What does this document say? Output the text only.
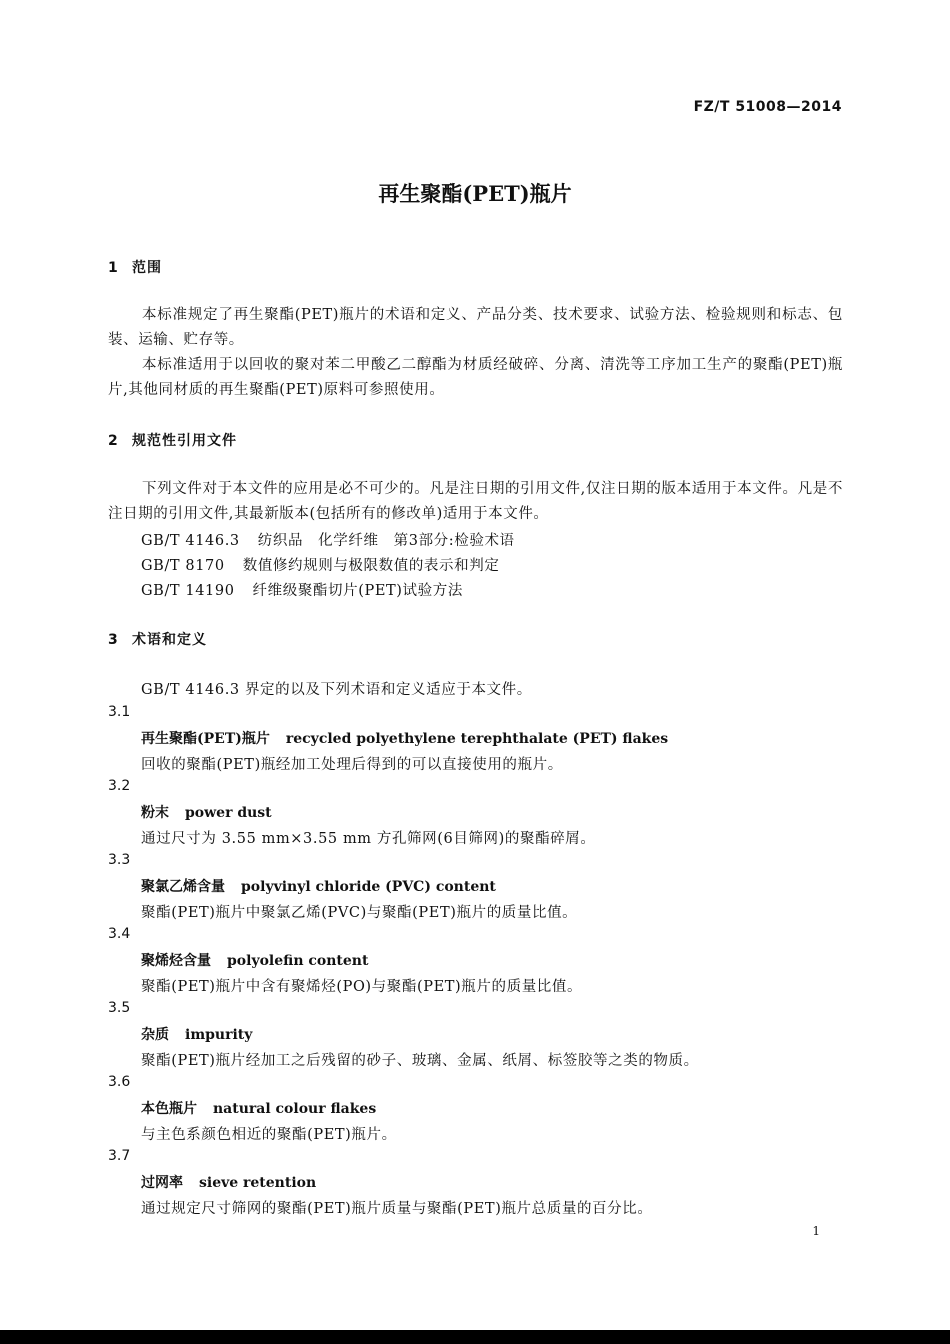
FZ/T 51008—2014
再生聚酯(PET)瓶片
1 范围
本标准规定了再生聚酯(PET)瓶片的术语和定义、产品分类、技术要求、试验方法、检验规则和标志、包装、运输、贮存等。
本标准适用于以回收的聚对苯二甲酸乙二醇酯为材质经破碎、分离、清洗等工序加工生产的聚酯(PET)瓶片,其他同材质的再生聚酯(PET)原料可参照使用。
2 规范性引用文件
下列文件对于本文件的应用是必不可少的。凡是注日期的引用文件,仅注日期的版本适用于本文件。凡是不注日期的引用文件,其最新版本(包括所有的修改单)适用于本文件。
GB/T 4146.3 纺织品　化学纤维　第3部分:检验术语
GB/T 8170 数值修约规则与极限数值的表示和判定
GB/T 14190 纤维级聚酯切片(PET)试验方法
3 术语和定义
GB/T 4146.3 界定的以及下列术语和定义适应于本文件。
3.1
再生聚酯(PET)瓶片 recycled polyethylene terephthalate (PET) flakes
回收的聚酯(PET)瓶经加工处理后得到的可以直接使用的瓶片。
3.2
粉末 power dust
通过尺寸为 3.55 mm×3.55 mm 方孔筛网(6目筛网)的聚酯碎屑。
3.3
聚氯乙烯含量 polyvinyl chloride (PVC) content
聚酯(PET)瓶片中聚氯乙烯(PVC)与聚酯(PET)瓶片的质量比值。
3.4
聚烯烃含量 polyolefin content
聚酯(PET)瓶片中含有聚烯烃(PO)与聚酯(PET)瓶片的质量比值。
3.5
杂质 impurity
聚酯(PET)瓶片经加工之后残留的砂子、玻璃、金属、纸屑、标签胶等之类的物质。
3.6
本色瓶片 natural colour flakes
与主色系颜色相近的聚酯(PET)瓶片。
3.7
过网率 sieve retention
通过规定尺寸筛网的聚酯(PET)瓶片质量与聚酯(PET)瓶片总质量的百分比。
1
